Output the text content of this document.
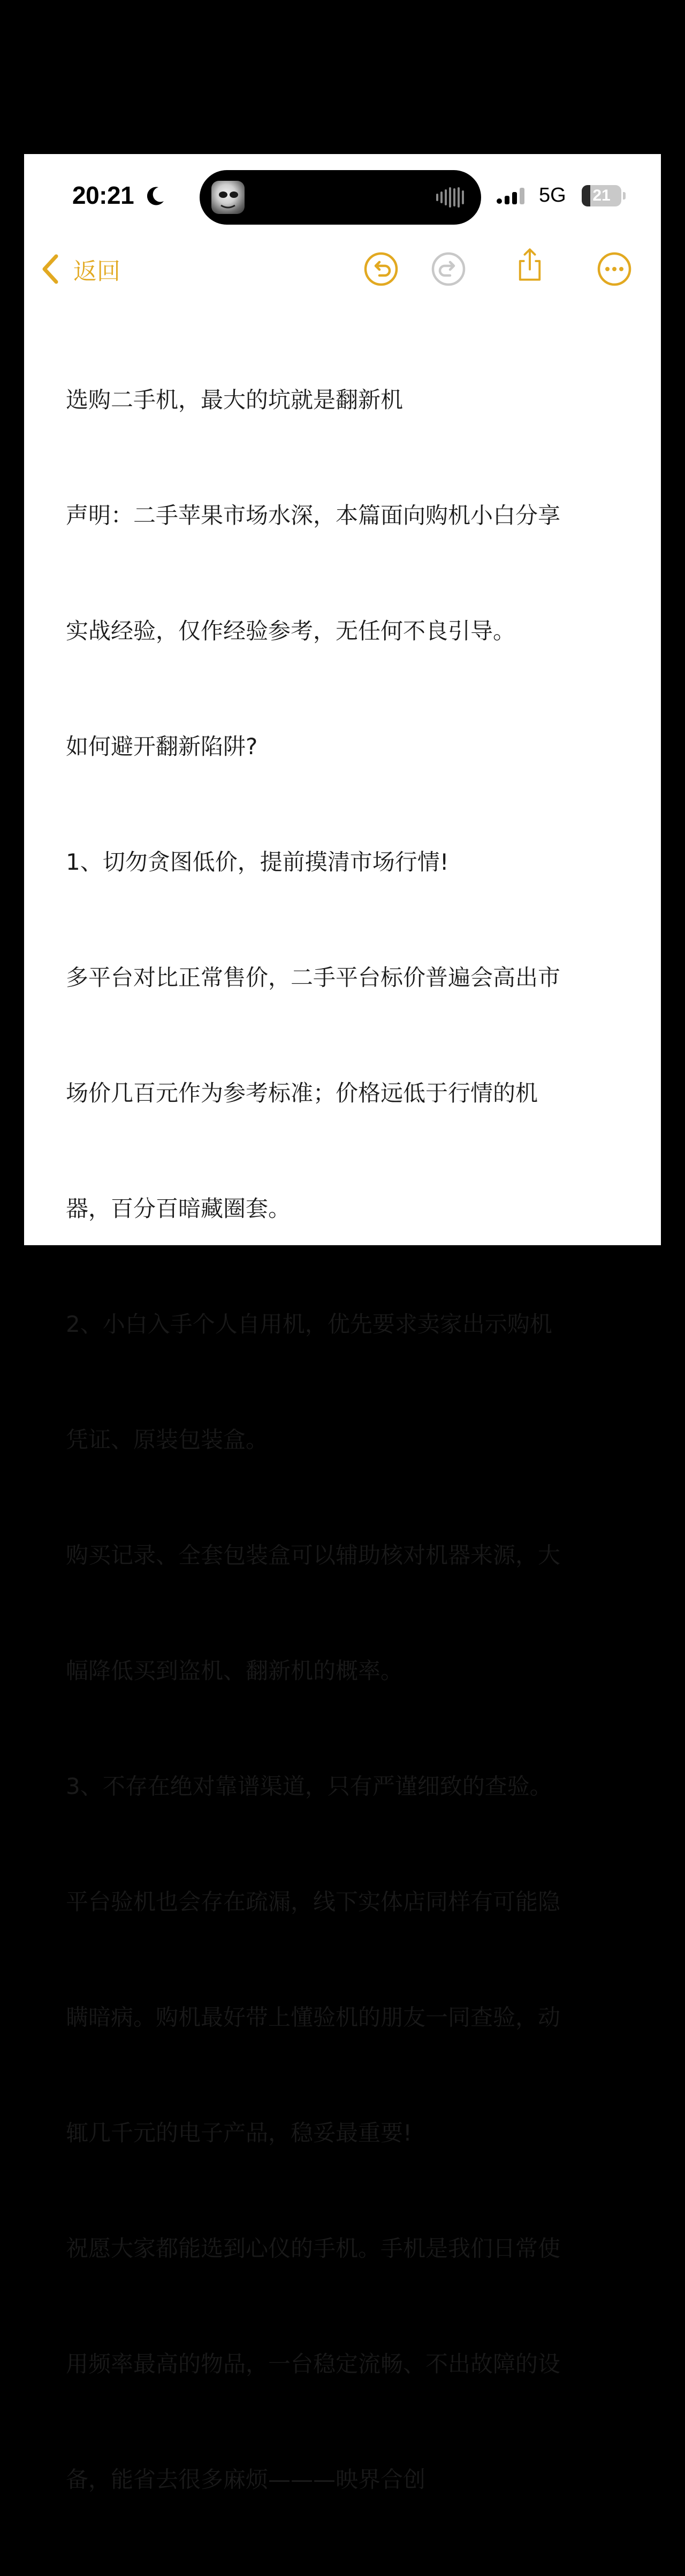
20:21	5G	21
返回

选购二手机，最大的坑就是翻新机

声明：二手苹果市场水深，本篇面向购机小白分享

实战经验，仅作经验参考，无任何不良引导。

如何避开翻新陷阱?

1、切勿贪图低价，提前摸清市场行情!

多平台对比正常售价，二手平台标价普遍会高出市

场价几百元作为参考标准；价格远低于行情的机

器，百分百暗藏圈套。

2、小白入手个人自用机，优先要求卖家出示购机

凭证、原装包装盒。

购买记录、全套包装盒可以辅助核对机器来源，大

幅降低买到盗机、翻新机的概率。

3、不存在绝对靠谱渠道，只有严谨细致的查验。

平台验机也会存在疏漏，线下实体店同样有可能隐

瞒暗病。购机最好带上懂验机的朋友一同查验，动

辄几千元的电子产品，稳妥最重要!

祝愿大家都能选到心仪的手机。手机是我们日常使

用频率最高的物品，一台稳定流畅、不出故障的设

备，能省去很多麻烦———映界合创
